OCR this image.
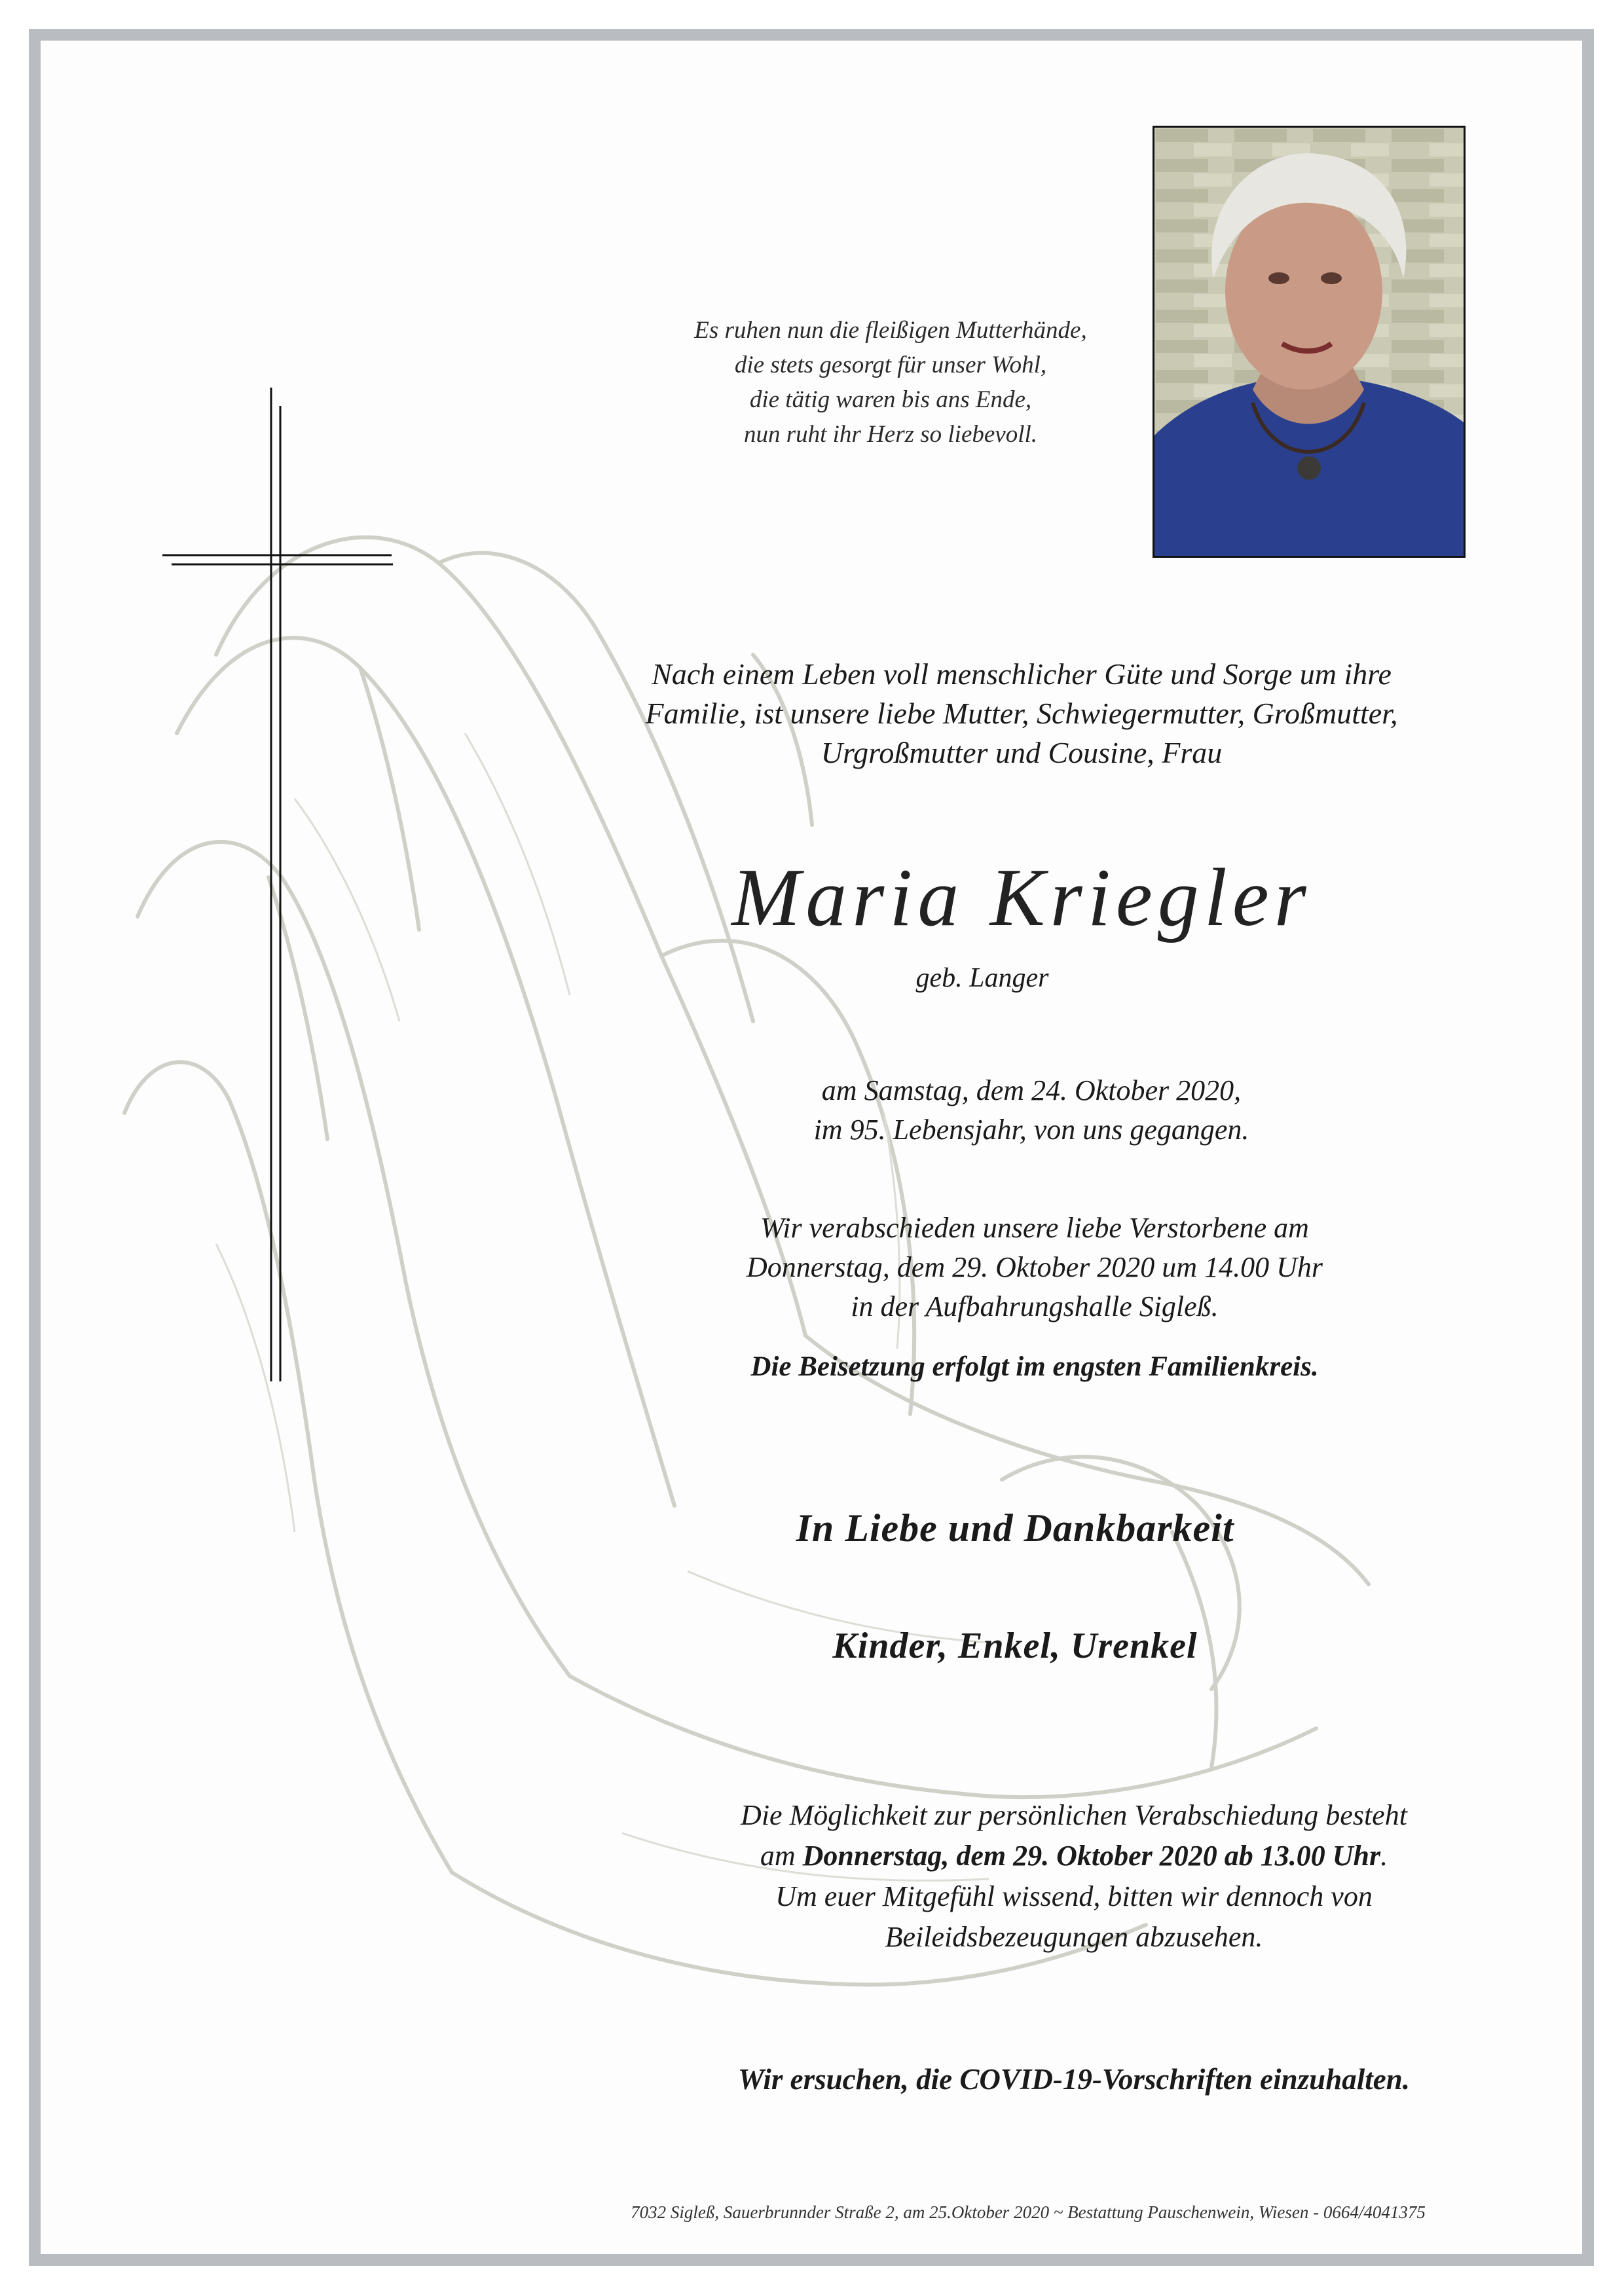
Es ruhen nun die fleißigen Mutterhände,
die stets gesorgt für unser Wohl,
die tätig waren bis ans Ende,
nun ruht ihr Herz so liebevoll.
Nach einem Leben voll menschlicher Güte und Sorge um ihre
Familie, ist unsere liebe Mutter, Schwiegermutter, Großmutter,
Urgroßmutter und Cousine, Frau
Maria Kriegler
geb. Langer
am Samstag, dem 24. Oktober 2020,
im 95. Lebensjahr, von uns gegangen.
Wir verabschieden unsere liebe Verstorbene am
Donnerstag, dem 29. Oktober 2020 um 14.00 Uhr
in der Aufbahrungshalle Sigleß.
Die Beisetzung erfolgt im engsten Familienkreis.
In Liebe und Dankbarkeit
Kinder, Enkel, Urenkel
Die Möglichkeit zur persönlichen Verabschiedung besteht
am Donnerstag, dem 29. Oktober 2020 ab 13.00 Uhr.
Um euer Mitgefühl wissend, bitten wir dennoch von
Beileidsbezeugungen abzusehen.
Wir ersuchen, die COVID-19-Vorschriften einzuhalten.
7032 Sigleß, Sauerbrunnder Straße 2, am 25.Oktober 2020 ~ Bestattung Pauschenwein, Wiesen - 0664/4041375
